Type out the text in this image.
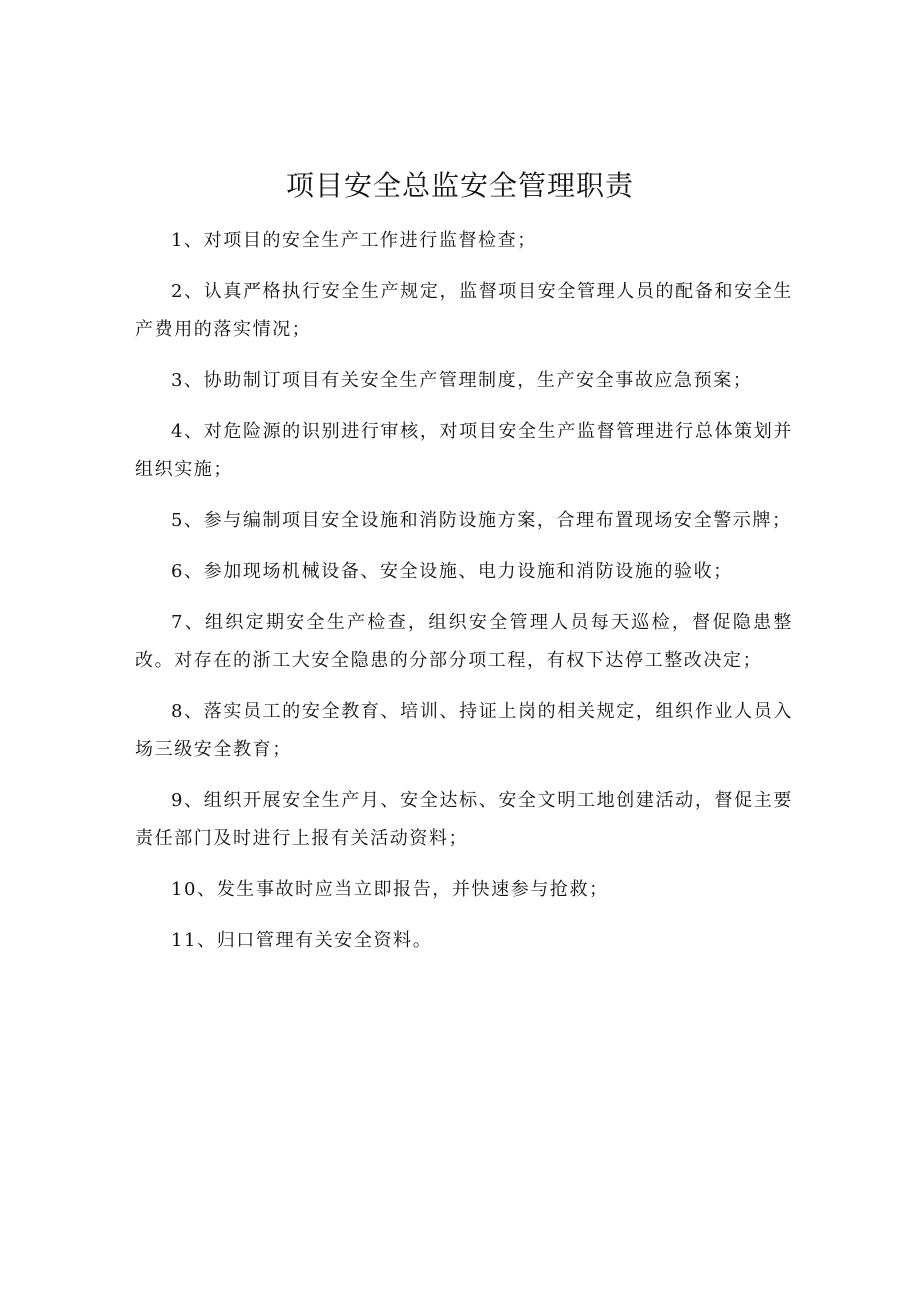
项目安全总监安全管理职责
1、对项目的安全生产工作进行监督检查；
2、认真严格执行安全生产规定，监督项目安全管理人员的配备和安全生产费用的落实情况；
3、协助制订项目有关安全生产管理制度，生产安全事故应急预案；
4、对危险源的识别进行审核，对项目安全生产监督管理进行总体策划并组织实施；
5、参与编制项目安全设施和消防设施方案，合理布置现场安全警示牌；
6、参加现场机械设备、安全设施、电力设施和消防设施的验收；
7、组织定期安全生产检查，组织安全管理人员每天巡检，督促隐患整改。对存在的浙工大安全隐患的分部分项工程，有权下达停工整改决定；
8、落实员工的安全教育、培训、持证上岗的相关规定，组织作业人员入场三级安全教育；
9、组织开展安全生产月、安全达标、安全文明工地创建活动，督促主要责任部门及时进行上报有关活动资料；
10、发生事故时应当立即报告，并快速参与抢救；
11、归口管理有关安全资料。
